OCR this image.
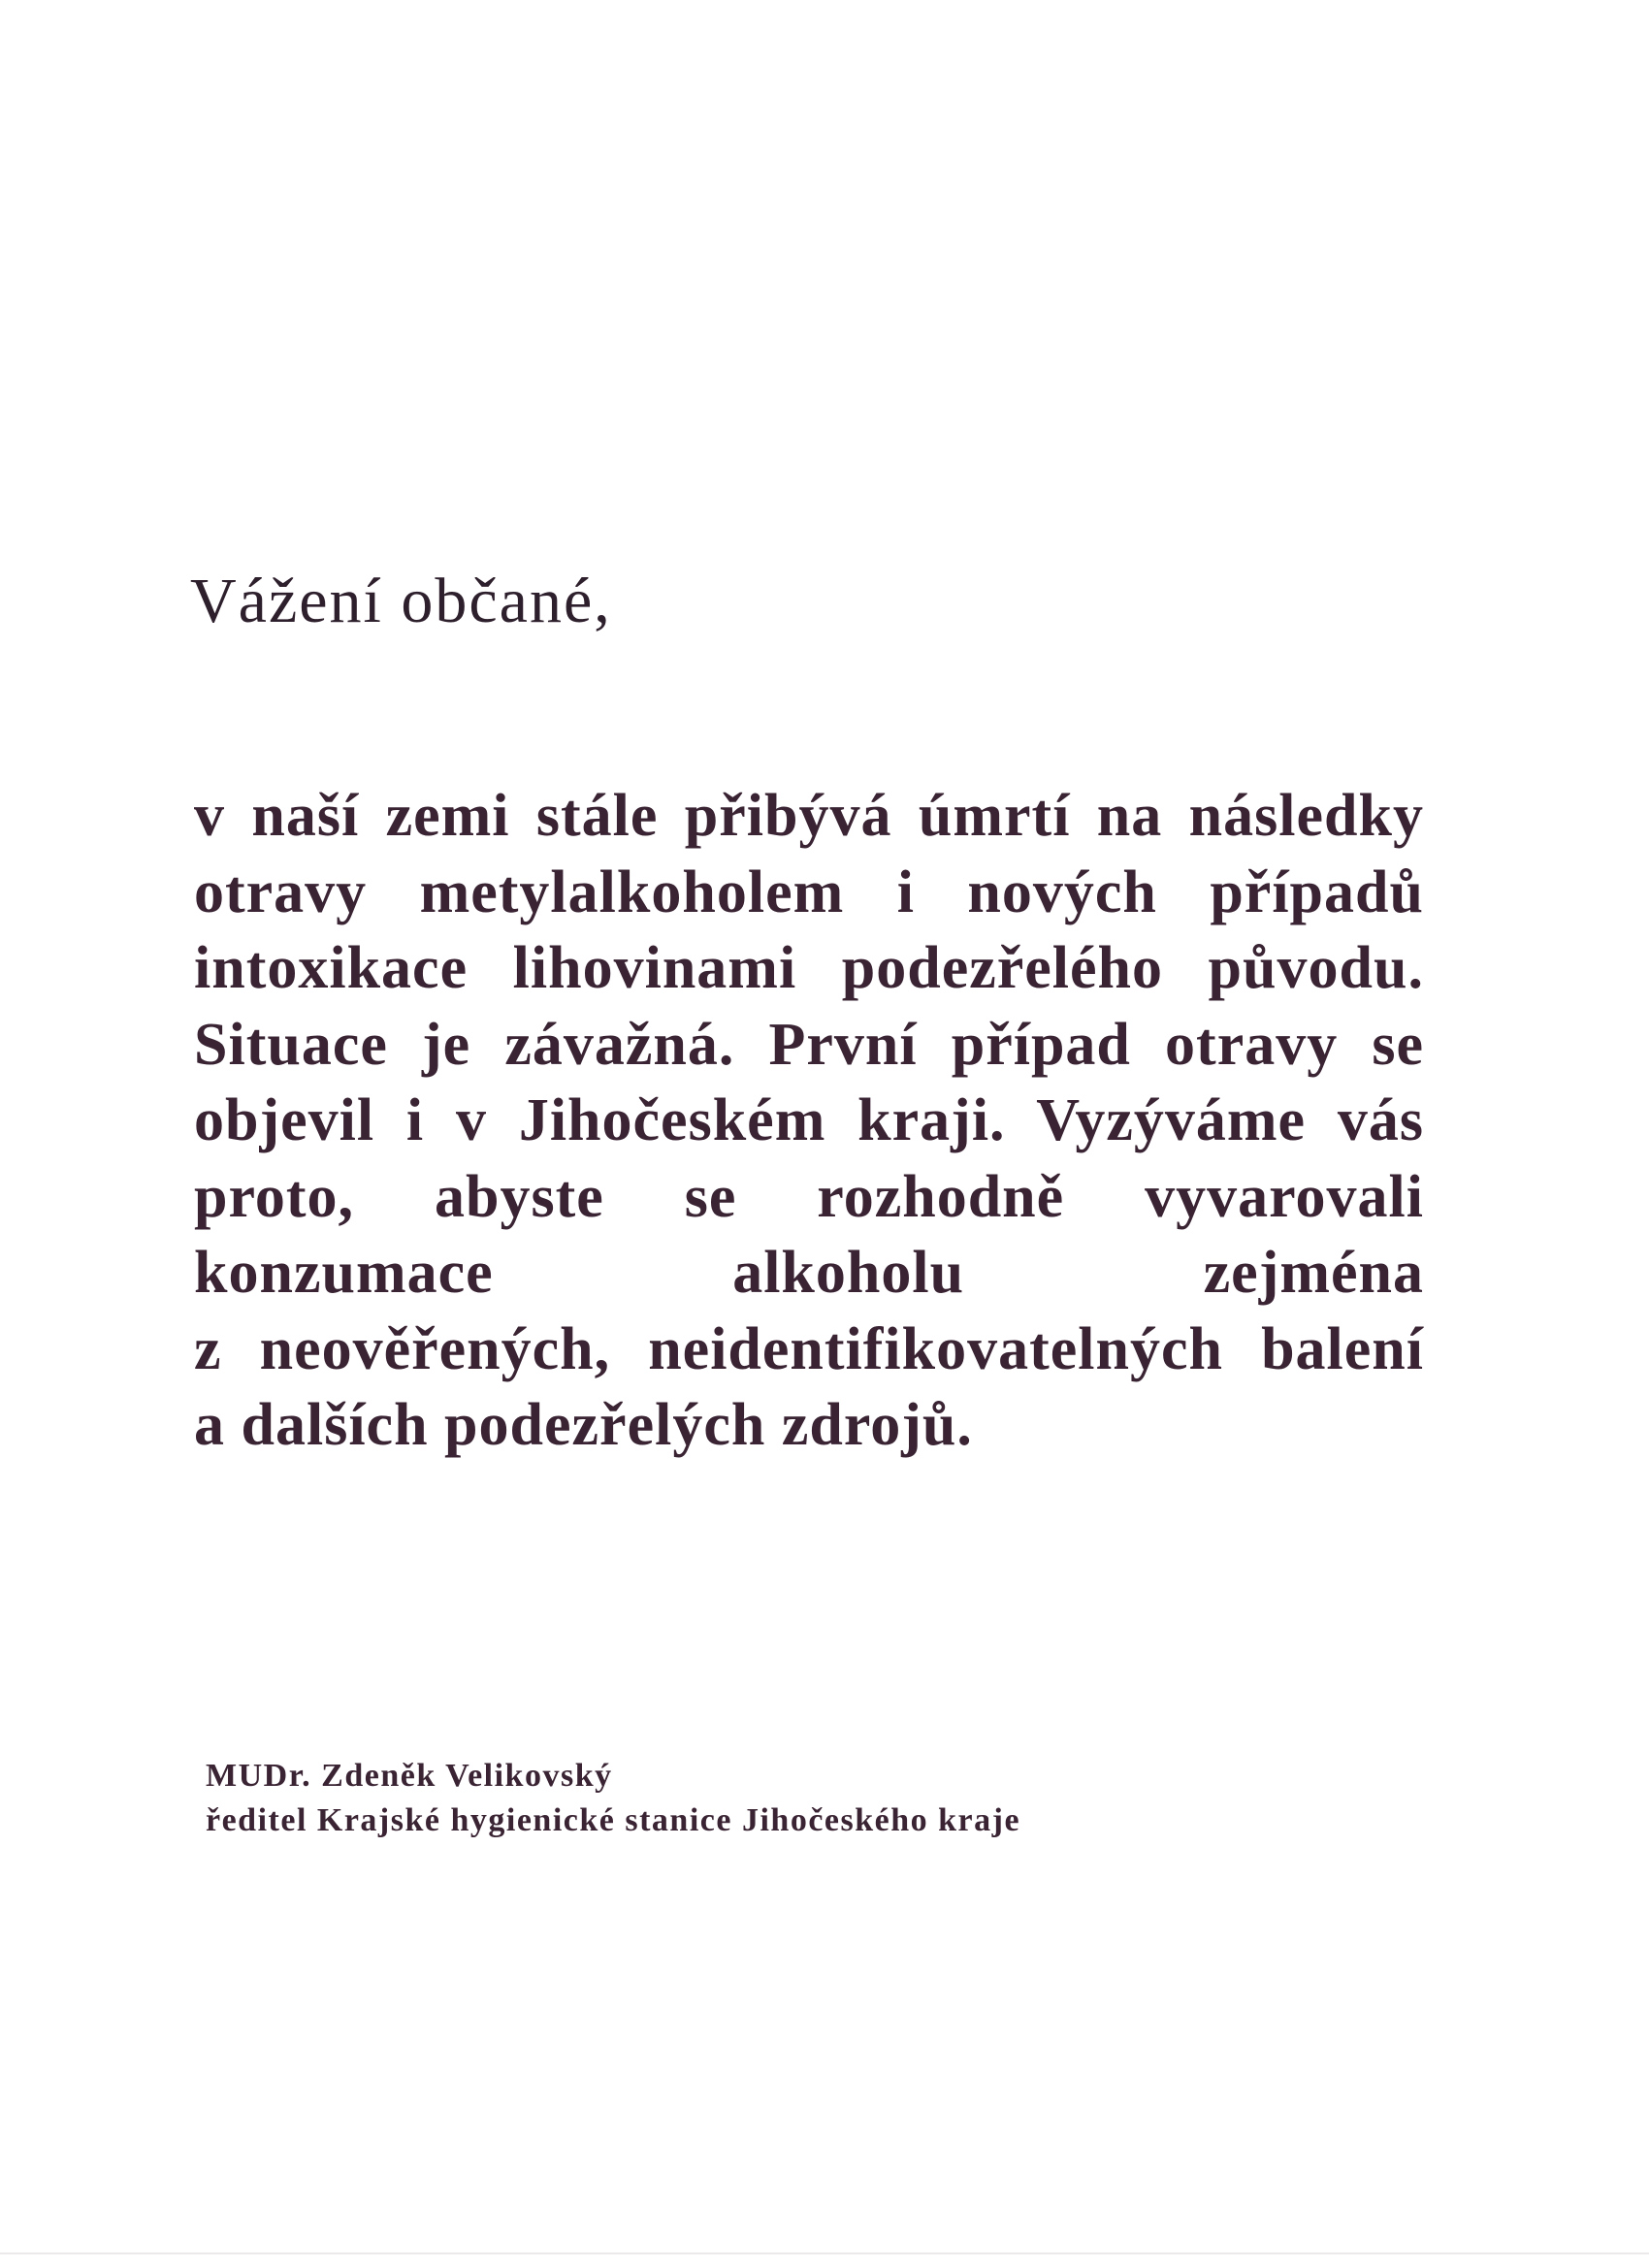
Vážení občané,
v naší zemi stále přibývá úmrtí na následky
otravy metylalkoholem i nových případů
intoxikace lihovinami podezřelého původu.
Situace je závažná. První případ otravy se
objevil i v Jihočeském kraji. Vyzýváme vás
proto, abyste se rozhodně vyvarovali
konzumace alkoholu zejména
z neověřených, neidentifikovatelných balení
a dalších podezřelých zdrojů.
MUDr. Zdeněk Velikovský
ředitel Krajské hygienické stanice Jihočeského kraje
